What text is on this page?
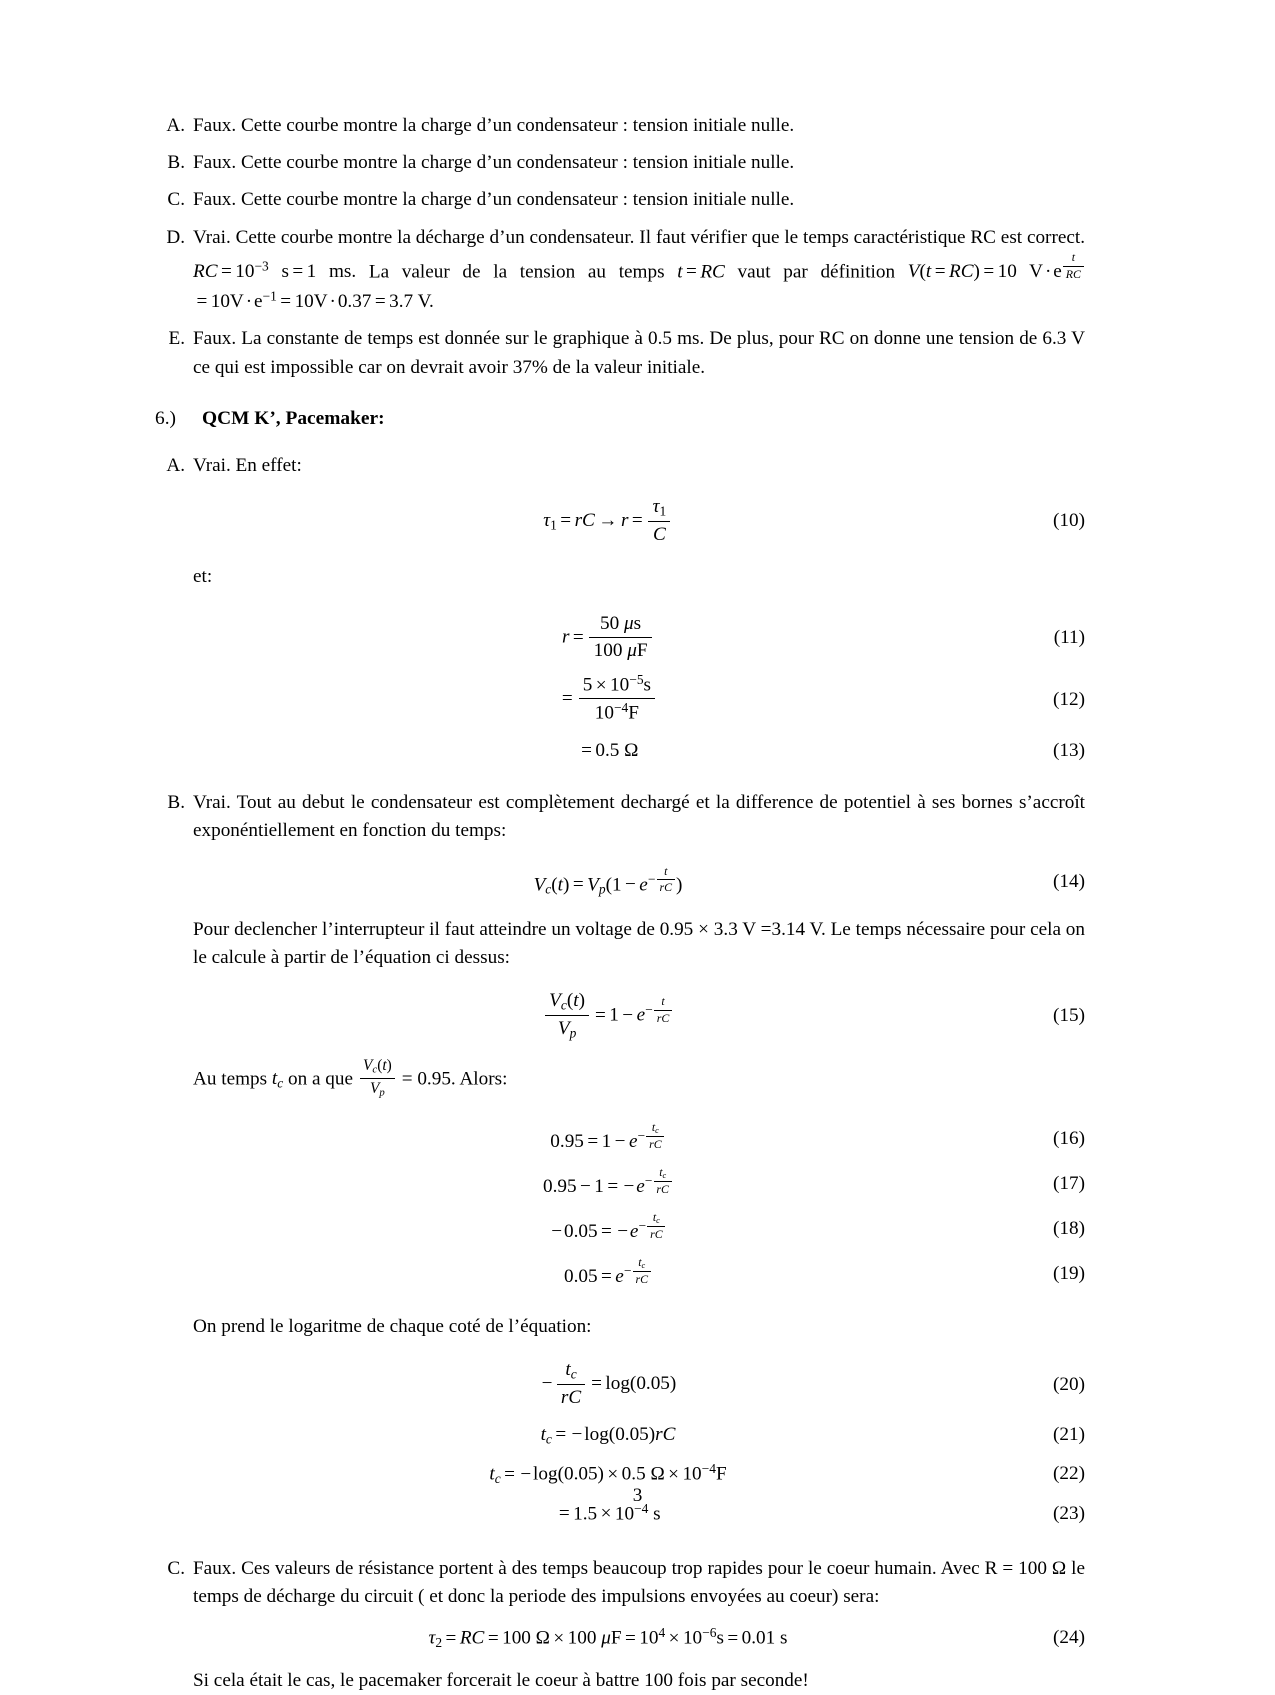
A. Faux. Cette courbe montre la charge d’un condensateur : tension initiale nulle.
B. Faux. Cette courbe montre la charge d’un condensateur : tension initiale nulle.
C. Faux. Cette courbe montre la charge d’un condensateur : tension initiale nulle.
D. Vrai. Cette courbe montre la décharge d’un condensateur. Il faut vérifier que le temps caractéristique RC est correct. RC = $10^{-3}$ s = 1 ms. La valeur de la tension au temps t = RC vaut par définition V(t = RC) = 10 $V\cdot e \frac{t}{RC}$
= $10V\cdot e^{-1} = 10V\cdot 0.37 = 3.7$ V.
E. Faux. La constante de temps est donnée sur le graphique à 0.5 ms. De plus, pour RC on donne une tension de 6.3 V ce qui est impossible car on devrait avoir 37% de la valeur initiale.
6.)	QCM K’, Pacemaker:
A. Vrai. En effet:
$\tau_1$ = rC → $r = \frac{\tau_1}{C}$	(10)
et:
$r = \frac{50 \mu s}{100 \mu F}$	(11)
= $\frac{5 \times 10^{-5}s}{10^{-4}F}$	(12)
= 0.5 Ω	(13)
B. Vrai. Tout au debut le condensateur est complètement dechargé et la difference de potentiel à ses bornes s’accroît exponéntiellement en fonction du temps:
$V_c(t) = V_p(1 - e^- \frac{t}{rC}$ )	(14)
Pour declencher l’interrupteur il faut atteindre un voltage de 0.95 × 3.3 V =3.14 V. Le temps nécessaire pour cela on le calcule à partir de l’équation ci dessus:
$\frac{V_c(t)}{V_p} = 1 - e^- \frac{t}{rC}$	(15)
Au temps $t_c$ on a que $\frac{V_c(t)}{V_p} = 0.95$. Alors:
$0.95 = 1 - e^- \frac{t_c}{rC}$	(16)
$0.95 - 1 = -e^- \frac{t_c}{rC}$	(17)
$-0.05 = -e^- \frac{t_c}{rC}$	(18)
$0.05 = e^- \frac{t_c}{rC}$	(19)
On prend le logaritme de chaque coté de l’équation:
− $\frac{t_c}{rC} = \log(0.05)$	(20)
$t_c = -\log(0.05)rC$	(21)
$t_c = -\log(0.05) \times 0.5$ $\Omega \times 10^{-4}F$	(22)
= $1.5 \times 10^{-4}$ s	(23)
C. Faux. Ces valeurs de résistance portent à des temps beaucoup trop rapides pour le coeur humain. Avec R = 100 Ω le temps de décharge du circuit ( et donc la periode des impulsions envoyées au coeur) sera:
$\tau_2$ = RC = 100 Ω × 100 $\mu F = 10^4 \times 10^{-6}s = 0.01$ s	(24)
Si cela était le cas, le pacemaker forcerait le coeur à battre 100 fois par seconde!
3
